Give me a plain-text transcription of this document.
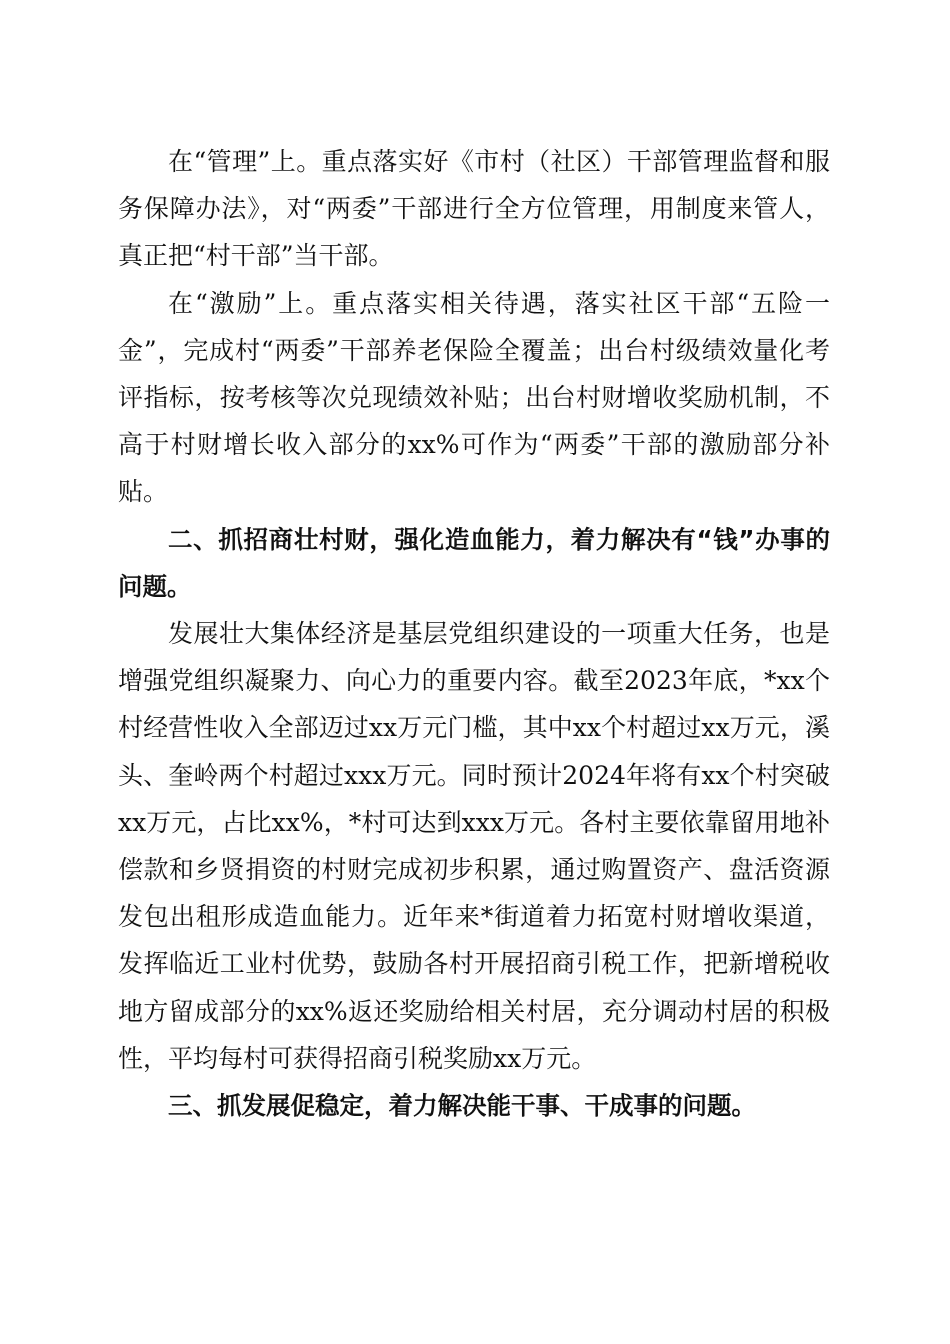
在“管理”上。重点落实好《市村（社区）干部管理监督和服务保障办法》，对“两委”干部进行全方位管理，用制度来管人，真正把“村干部”当干部。

在“激励”上。重点落实相关待遇，落实社区干部“五险一金”，完成村“两委”干部养老保险全覆盖；出台村级绩效量化考评指标，按考核等次兑现绩效补贴；出台村财增收奖励机制，不高于村财增长收入部分的xx%可作为“两委”干部的激励部分补贴。

二、抓招商壮村财，强化造血能力，着力解决有“钱”办事的问题。

发展壮大集体经济是基层党组织建设的一项重大任务，也是增强党组织凝聚力、向心力的重要内容。截至2023年底，*xx个村经营性收入全部迈过xx万元门槛，其中xx个村超过xx万元，溪头、奎岭两个村超过xxx万元。同时预计2024年将有xx个村突破xx万元，占比xx%，*村可达到xxx万元。各村主要依靠留用地补偿款和乡贤捐资的村财完成初步积累，通过购置资产、盘活资源发包出租形成造血能力。近年来*街道着力拓宽村财增收渠道，发挥临近工业村优势，鼓励各村开展招商引税工作，把新增税收地方留成部分的xx%返还奖励给相关村居，充分调动村居的积极性，平均每村可获得招商引税奖励xx万元。

三、抓发展促稳定，着力解决能干事、干成事的问题。
